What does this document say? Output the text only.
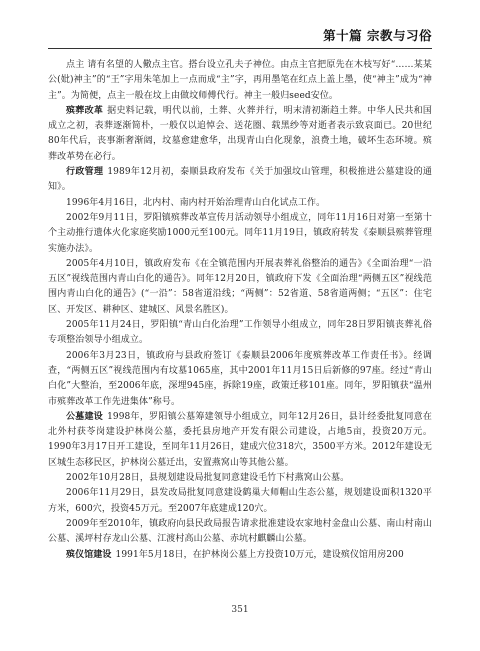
第十篇 宗教与习俗

点主 请有名望的人儆点主官。搭台设立孔夫子神位。由点主官把原先在木枝写好“……某某公(妣)神主”的“王”字用朱笔加上一点而成“主”字，再用墨笔在红点上盖上墨，使“神主”成为“神主”。为简便，点主一般在坟上由做坟师傅代行。神主一般归seed安位。

殡葬改革 据史料记载，明代以前，土葬、火葬并行，明末清初渐趋土葬。中华人民共和国成立之初，表葬逐渐简朴，一般仅以追悼会、送花圈、载黑纱等对逝者表示致哀面已。20世纪80年代后，丧事渐奢渐阔，坟墓愈建愈华，出现青山白化现象，浪费土地，破坏生态环境。殡葬改革势在必行。

行政管理 1989年12月初，泰顺县政府发布《关于加强坟山管理，积极推进公墓建设的通知》。

1996年4月16日，北内村、南内村开始治理青山白化试点工作。

2002年9月11日，罗阳镇殡葬改革宣传月活动领导小组成立，同年11月16日对第一至第十个主动推行遗体火化家庭奖励1000元至100元。同年11月19日，镇政府转发《泰顺县殡葬管理实施办法》。

2005年4月10日，镇政府发布《在全镇范围内开展表葬礼俗整治的通告》《全面治理“一沿五区”视线范围内青山白化的通告》。同年12月20日，镇政府下发《全面治理“两侧五区”视线范围内青山白化的通告》(“一沿”：58省道沿线；“两侧”：52省道、58省道两侧；“五区”：住宅区、开发区、耕种区、建城区、风景名胜区)。

2005年11月24日，罗阳镇“青山白化治理”工作领导小组成立，同年28日罗阳镇丧葬礼俗专项整治领导小组成立。

2006年3月23日，镇政府与县政府签订《泰顺县2006年度殡葬改革工作责任书》。经调查，“两侧五区”视线范围内有坟墓1065座，其中2001年11月15日后新修的97座。经过“青山白化”大整治，至2006年底，深埋945座，拆除19座，政策迁移101座。同年，罗阳镇获“温州市殡葬改革工作先进集体”称号。

公墓建设 1998年，罗阳镇公墓筹建领导小组成立，同年12月26日，县计经委批复同意在北外村获苓岗建设护林岗公墓，委托县房地产开发有限公司建设，占地5亩，投资20万元。1990年3月17日开工建设，至同年11月26日，建成穴位318穴，3500平方米。2012年建设无区城生态移民区，护林岗公墓迁出，安置燕窝山等其他公墓。

2002年10月28日，县规划建设局批复同意建设毛竹下村燕窝山公墓。

2006年11月29日，县发改局批复同意建设鹤巢大师帽山生态公墓，规划建设面积1320平方米，600穴，投资45万元。至2007年底建成120穴。

2009年至2010年，镇政府向县民政局报告请求批准建设农家地村金盘山公墓、南山村南山公墓、溪坪村存龙山公墓、江渡村高山公墓、赤坑村麒麟山公墓。

殡仪馆建设 1991年5月18日，在护林岗公墓上方投资10万元，建设殡仪馆用房200

351
